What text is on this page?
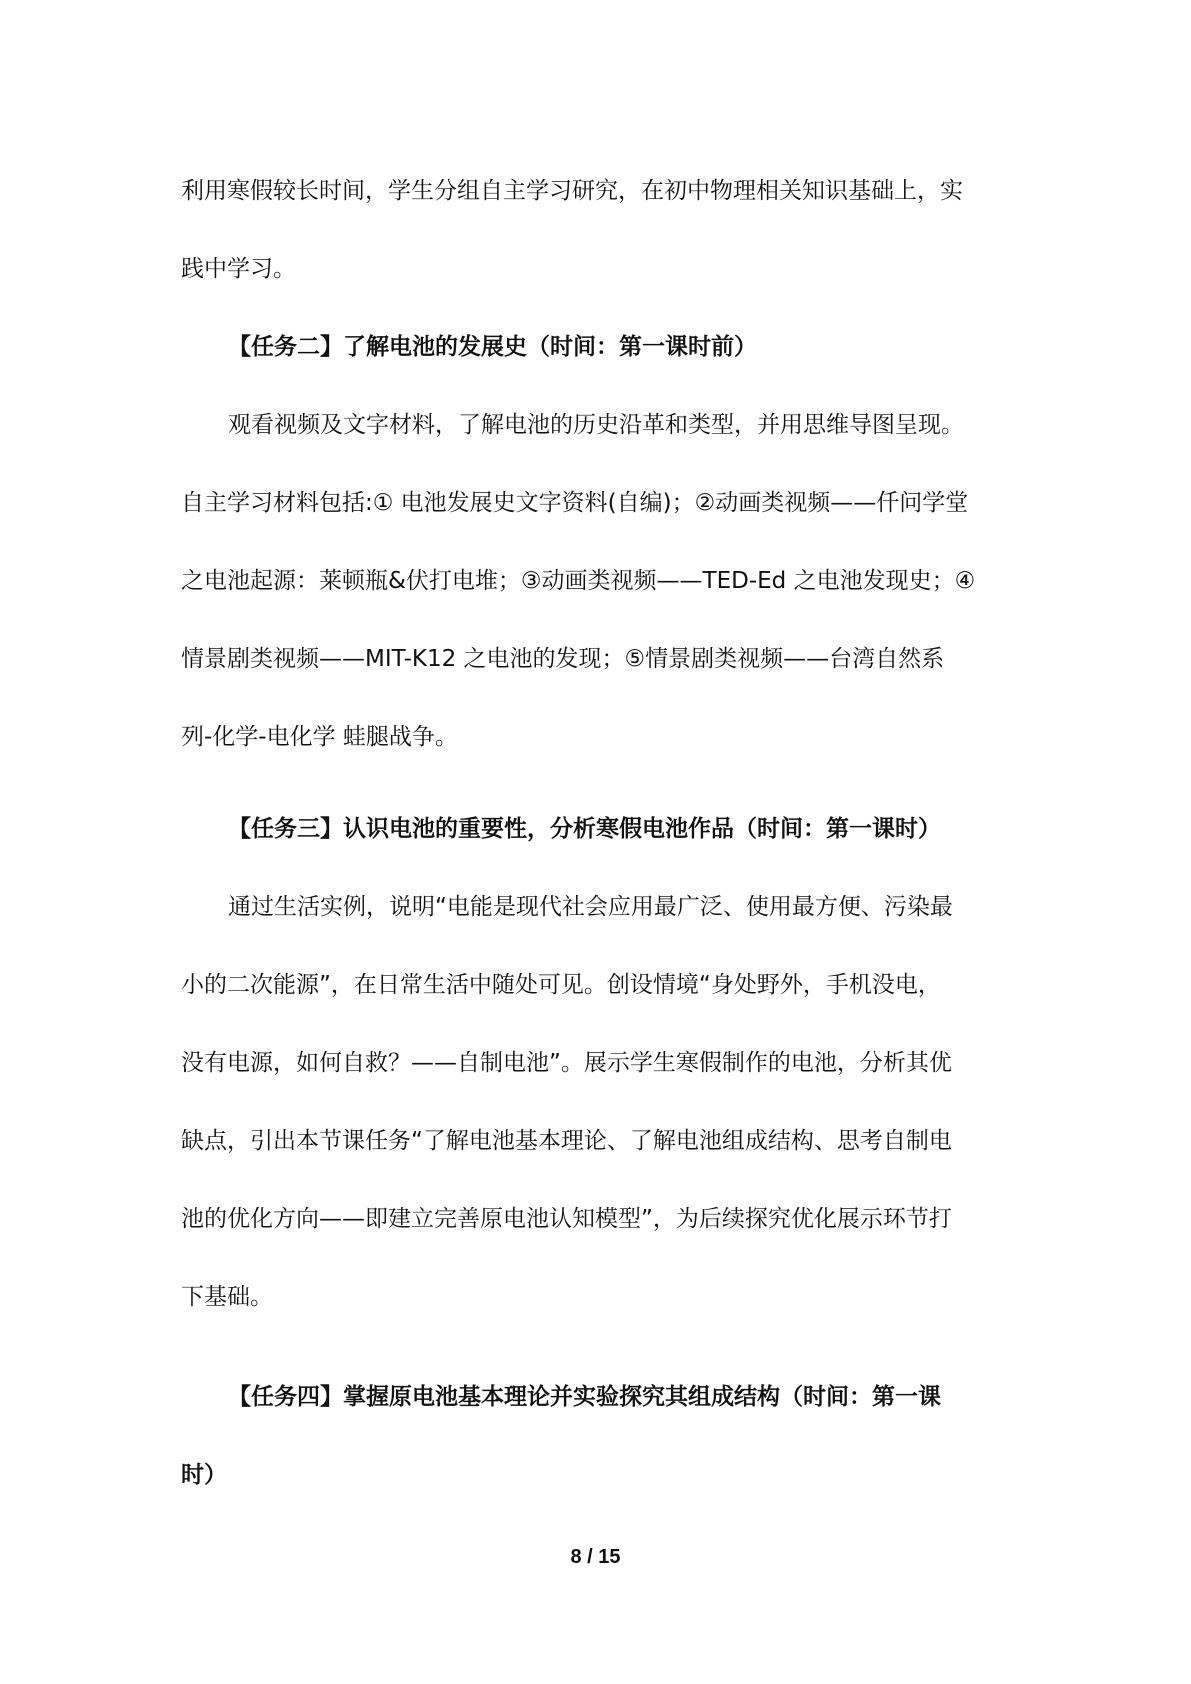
利用寒假较长时间，学生分组自主学习研究，在初中物理相关知识基础上，实
践中学习。
【任务二】了解电池的发展史（时间：第一课时前）
观看视频及文字材料，了解电池的历史沿革和类型，并用思维导图呈现。
自主学习材料包括:① 电池发展史文字资料(自编)；②动画类视频——仟问学堂
之电池起源：莱顿瓶&伏打电堆；③动画类视频——TED-Ed 之电池发现史；④
情景剧类视频——MIT-K12 之电池的发现；⑤情景剧类视频——台湾自然系
列-化学-电化学 蛙腿战争。
【任务三】认识电池的重要性，分析寒假电池作品（时间：第一课时）
通过生活实例，说明“电能是现代社会应用最广泛、使用最方便、污染最
小的二次能源”，在日常生活中随处可见。创设情境“身处野外，手机没电，
没有电源，如何自救？——自制电池”。展示学生寒假制作的电池，分析其优
缺点，引出本节课任务“了解电池基本理论、了解电池组成结构、思考自制电
池的优化方向——即建立完善原电池认知模型”，为后续探究优化展示环节打
下基础。
【任务四】掌握原电池基本理论并实验探究其组成结构（时间：第一课
时）
8 / 15
